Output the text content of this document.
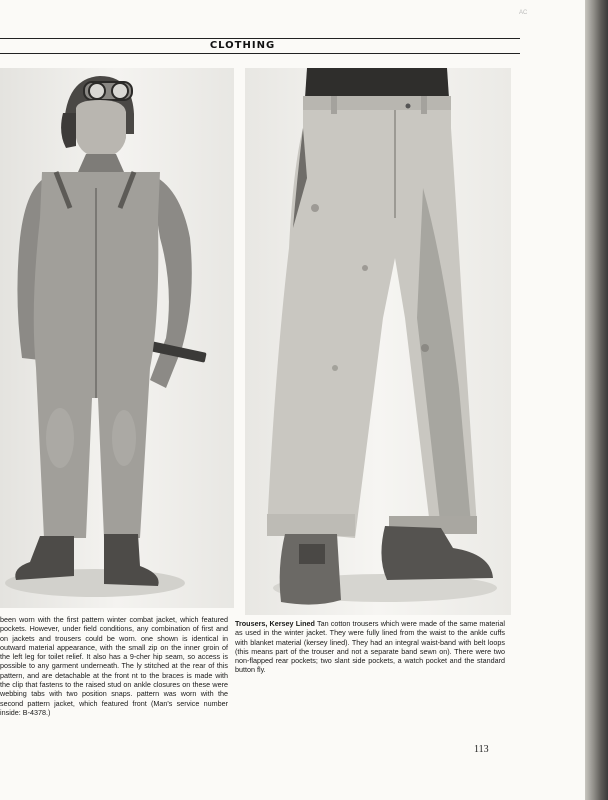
AC
CLOTHING
been worn with the first pattern winter combat jacket, which featured pockets. However, under field conditions, any combination of first and on jackets and trousers could be worn. one shown is identical in outward material appearance, with the small zip on the inner groin of the left leg for toilet relief. It also has a 9-cher hip seam, so access is possible to any garment underneath. The ly stitched at the rear of this pattern, and are detachable at the front nt to the braces is made with the clip that fastens to the raised stud on ankle closures on these were webbing tabs with two position snaps. pattern was worn with the second pattern jacket, which featured front (Man's service number inside: B-4378.)
Trousers, Kersey Lined Tan cotton trousers which were made of the same material as used in the winter jacket. They were fully lined from the waist to the ankle cuffs with blanket material (kersey lined). They had an integral waist-band with belt loops (this means part of the trouser and not a separate band sewn on). There were two non-flapped rear pockets; two slant side pockets, a watch pocket and the standard button fly.
113
